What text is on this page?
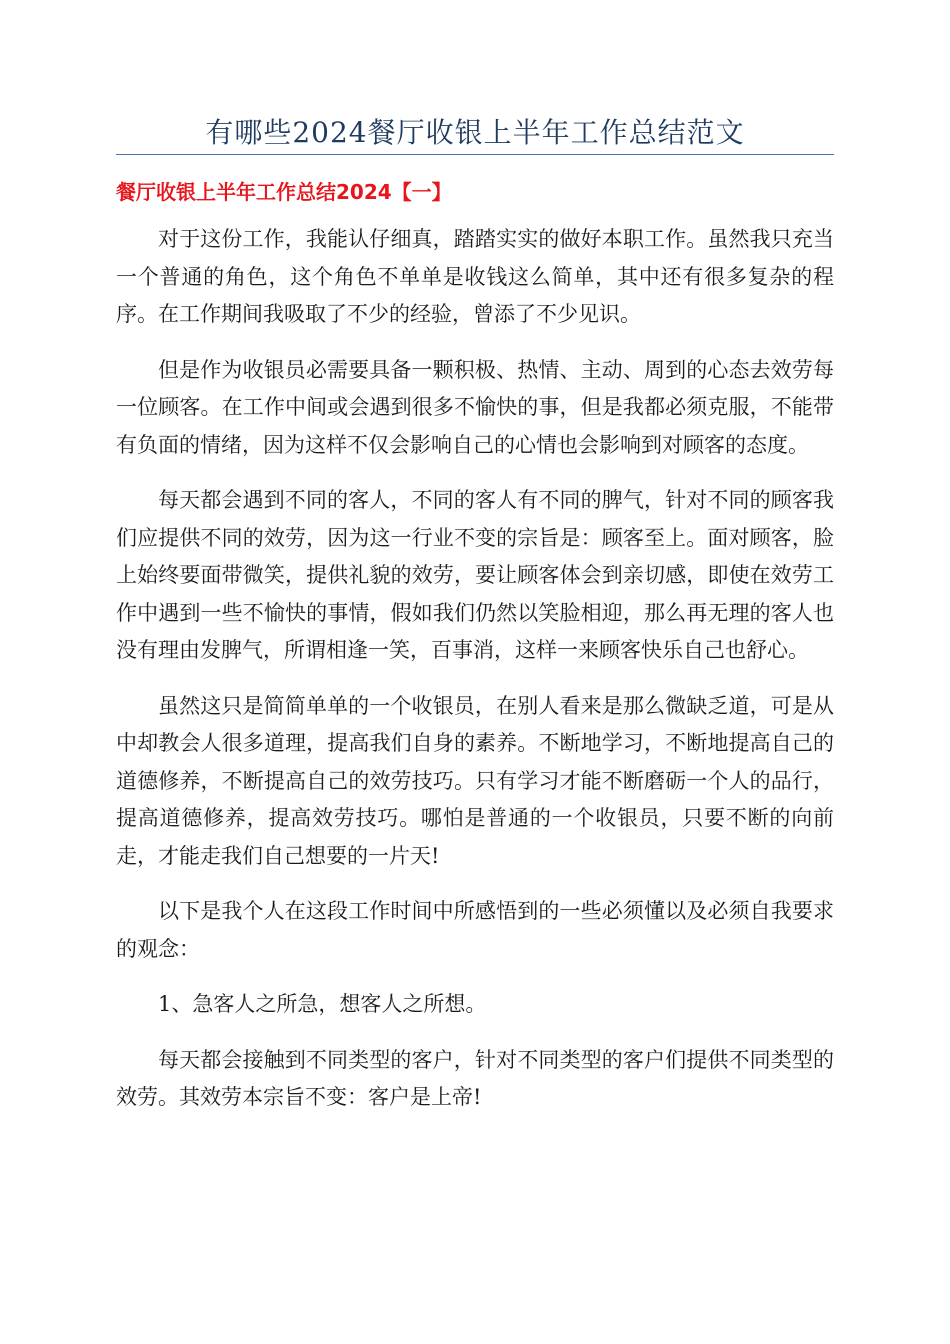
有哪些2024餐厅收银上半年工作总结范文
餐厅收银上半年工作总结2024【一】

对于这份工作，我能认仔细真，踏踏实实的做好本职工作。虽然我只充当一个普通的角色，这个角色不单单是收钱这么简单，其中还有很多复杂的程序。在工作期间我吸取了不少的经验，曾添了不少见识。

但是作为收银员必需要具备一颗积极、热情、主动、周到的心态去效劳每一位顾客。在工作中间或会遇到很多不愉快的事，但是我都必须克服，不能带有负面的情绪，因为这样不仅会影响自己的心情也会影响到对顾客的态度。

每天都会遇到不同的客人，不同的客人有不同的脾气，针对不同的顾客我们应提供不同的效劳，因为这一行业不变的宗旨是：顾客至上。面对顾客，脸上始终要面带微笑，提供礼貌的效劳，要让顾客体会到亲切感，即使在效劳工作中遇到一些不愉快的事情，假如我们仍然以笑脸相迎，那么再无理的客人也没有理由发脾气，所谓相逢一笑，百事消，这样一来顾客快乐自己也舒心。

虽然这只是简简单单的一个收银员，在别人看来是那么微缺乏道，可是从中却教会人很多道理，提高我们自身的素养。不断地学习，不断地提高自己的道德修养，不断提高自己的效劳技巧。只有学习才能不断磨砺一个人的品行，提高道德修养，提高效劳技巧。哪怕是普通的一个收银员，只要不断的向前走，才能走我们自己想要的一片天!

以下是我个人在这段工作时间中所感悟到的一些必须懂以及必须自我要求的观念：

1、急客人之所急，想客人之所想。

每天都会接触到不同类型的客户，针对不同类型的客户们提供不同类型的效劳。其效劳本宗旨不变：客户是上帝!
